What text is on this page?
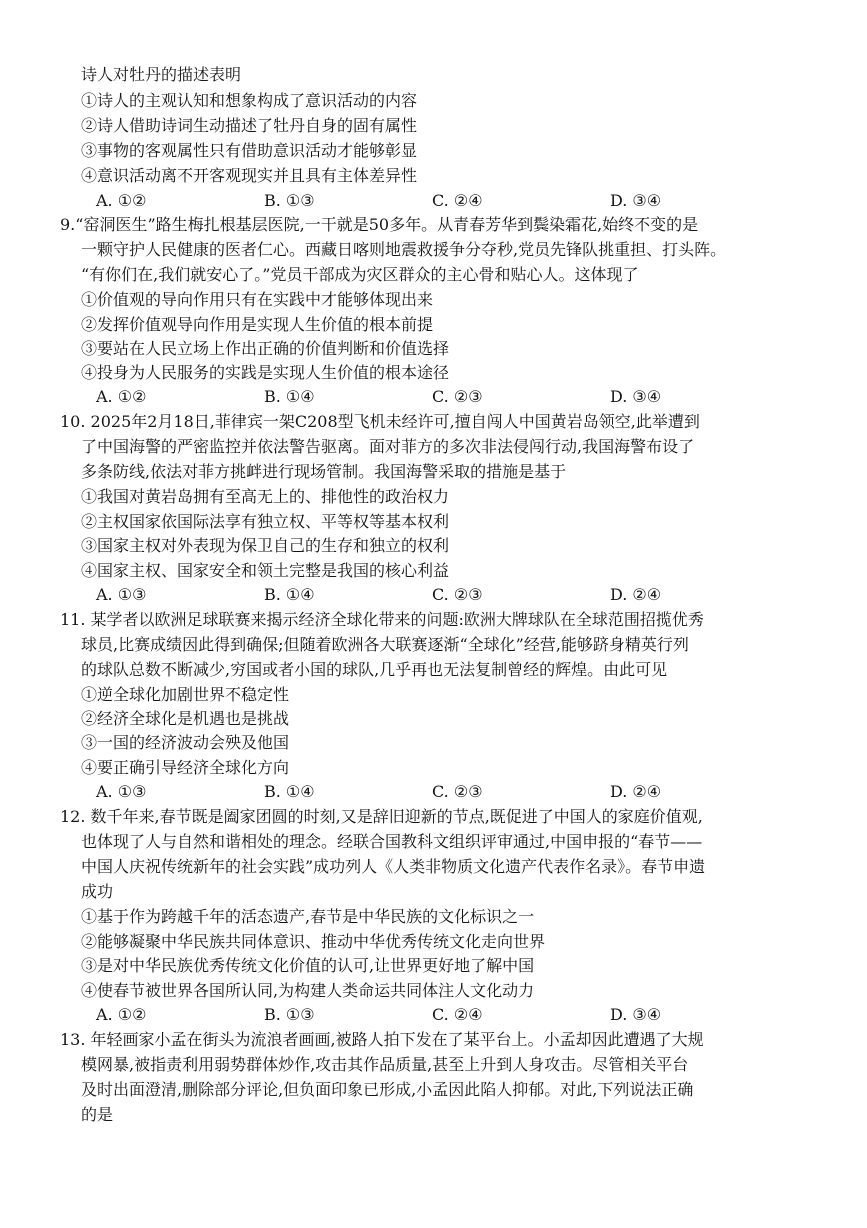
诗人对牡丹的描述表明
①诗人的主观认知和想象构成了意识活动的内容
②诗人借助诗词生动描述了牡丹自身的固有属性
③事物的客观属性只有借助意识活动才能够彰显
④意识活动离不开客观现实并且具有主体差异性
A. ①②	B. ①③	C. ②④	D. ③④
9.“窑洞医生”路生梅扎根基层医院,一干就是50多年。从青春芳华到鬓染霜花,始终不变的是
一颗守护人民健康的医者仁心。西藏日喀则地震救援争分夺秒,党员先锋队挑重担、打头阵。
“有你们在,我们就安心了。”党员干部成为灾区群众的主心骨和贴心人。这体现了
①价值观的导向作用只有在实践中才能够体现出来
②发挥价值观导向作用是实现人生价值的根本前提
③要站在人民立场上作出正确的价值判断和价值选择
④投身为人民服务的实践是实现人生价值的根本途径
A. ①②	B. ①④	C. ②③	D. ③④
10. 2025年2月18日,菲律宾一架C208型飞机未经许可,擅自闯人中国黄岩岛领空,此举遭到
了中国海警的严密监控并依法警告驱离。面对菲方的多次非法侵闯行动,我国海警布设了
多条防线,依法对菲方挑衅进行现场管制。我国海警采取的措施是基于
①我国对黄岩岛拥有至高无上的、排他性的政治权力
②主权国家依国际法享有独立权、平等权等基本权利
③国家主权对外表现为保卫自己的生存和独立的权利
④国家主权、国家安全和领土完整是我国的核心利益
A. ①③	B. ①④	C. ②③	D. ②④
11. 某学者以欧洲足球联赛来揭示经济全球化带来的问题:欧洲大牌球队在全球范围招揽优秀
球员,比赛成绩因此得到确保;但随着欧洲各大联赛逐渐“全球化”经营,能够跻身精英行列
的球队总数不断减少,穷国或者小国的球队,几乎再也无法复制曾经的辉煌。由此可见
①逆全球化加剧世界不稳定性
②经济全球化是机遇也是挑战
③一国的经济波动会殃及他国
④要正确引导经济全球化方向
A. ①③	B. ①④	C. ②③	D. ②④
12. 数千年来,春节既是阖家团圆的时刻,又是辞旧迎新的节点,既促进了中国人的家庭价值观,
也体现了人与自然和谐相处的理念。经联合国教科文组织评审通过,中国申报的“春节——
中国人庆祝传统新年的社会实践”成功列人《人类非物质文化遗产代表作名录》。春节申遗
成功
①基于作为跨越千年的活态遗产,春节是中华民族的文化标识之一
②能够凝聚中华民族共同体意识、推动中华优秀传统文化走向世界
③是对中华民族优秀传统文化价值的认可,让世界更好地了解中国
④使春节被世界各国所认同,为构建人类命运共同体注人文化动力
A. ①②	B. ①③	C. ②④	D. ③④
13. 年轻画家小孟在街头为流浪者画画,被路人拍下发在了某平台上。小孟却因此遭遇了大规
模网暴,被指责利用弱势群体炒作,攻击其作品质量,甚至上升到人身攻击。尽管相关平台
及时出面澄清,删除部分评论,但负面印象已形成,小孟因此陷人抑郁。对此,下列说法正确
的是
